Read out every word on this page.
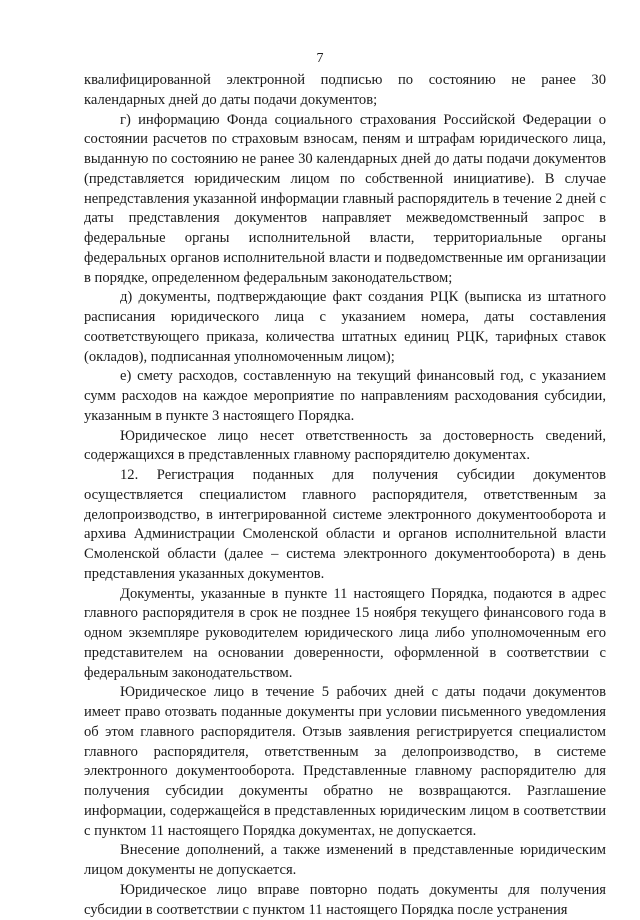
7

квалифицированной электронной подписью по состоянию не ранее 30 календарных дней до даты подачи документов;

г) информацию Фонда социального страхования Российской Федерации о состоянии расчетов по страховым взносам, пеням и штрафам юридического лица, выданную по состоянию не ранее 30 календарных дней до даты подачи документов (представляется юридическим лицом по собственной инициативе). В случае непредставления указанной информации главный распорядитель в течение 2 дней с даты представления документов направляет межведомственный запрос в федеральные органы исполнительной власти, территориальные органы федеральных органов исполнительной власти и подведомственные им организации в порядке, определенном федеральным законодательством;

д) документы, подтверждающие факт создания РЦК (выписка из штатного расписания юридического лица с указанием номера, даты составления соответствующего приказа, количества штатных единиц РЦК, тарифных ставок (окладов), подписанная уполномоченным лицом);

е) смету расходов, составленную на текущий финансовый год, с указанием сумм расходов на каждое мероприятие по направлениям расходования субсидии, указанным в пункте 3 настоящего Порядка.

Юридическое лицо несет ответственность за достоверность сведений, содержащихся в представленных главному распорядителю документах.

12. Регистрация поданных для получения субсидии документов осуществляется специалистом главного распорядителя, ответственным за делопроизводство, в интегрированной системе электронного документооборота и архива Администрации Смоленской области и органов исполнительной власти Смоленской области (далее – система электронного документооборота) в день представления указанных документов.

Документы, указанные в пункте 11 настоящего Порядка, подаются в адрес главного распорядителя в срок не позднее 15 ноября текущего финансового года в одном экземпляре руководителем юридического лица либо уполномоченным его представителем на основании доверенности, оформленной в соответствии с федеральным законодательством.

Юридическое лицо в течение 5 рабочих дней с даты подачи документов имеет право отозвать поданные документы при условии письменного уведомления об этом главного распорядителя. Отзыв заявления регистрируется специалистом главного распорядителя, ответственным за делопроизводство, в системе электронного документооборота. Представленные главному распорядителю для получения субсидии документы обратно не возвращаются. Разглашение информации, содержащейся в представленных юридическим лицом в соответствии с пунктом 11 настоящего Порядка документах, не допускается.

Внесение дополнений, а также изменений в представленные юридическим лицом документы не допускается.

Юридическое лицо вправе повторно подать документы для получения субсидии в соответствии с пунктом 11 настоящего Порядка после устранения
